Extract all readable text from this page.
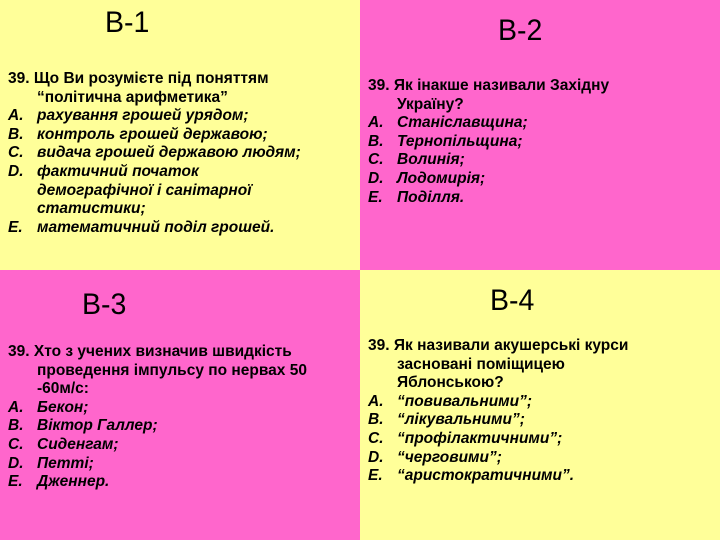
В-1
39. Що Ви розумієте під поняттям
“політична арифметика”
A. рахування грошей урядом;
B. контроль грошей державою;
C. видача грошей державою людям;
D. фактичний початок
демографічної і санітарної
статистики;
E. математичний поділ грошей.
В-2
39. Як інакше називали Західну
Україну?
A. Станіславщина;
B. Тернопільщина;
C. Волинія;
D. Лодомирія;
E. Поділля.
В-3
39. Хто з учених визначив швидкість
проведення імпульсу по нервах 50
-60м/с:
A. Бекон;
B. Віктор Галлер;
C. Сиденгам;
D. Петті;
E. Дженнер.
В-4
39. Як називали акушерські курси
засновані поміщицею
Яблонською?
A. “повивальними”;
B. “лікувальними”;
C. “профілактичними”;
D. “черговими”;
E. “аристократичними”.
